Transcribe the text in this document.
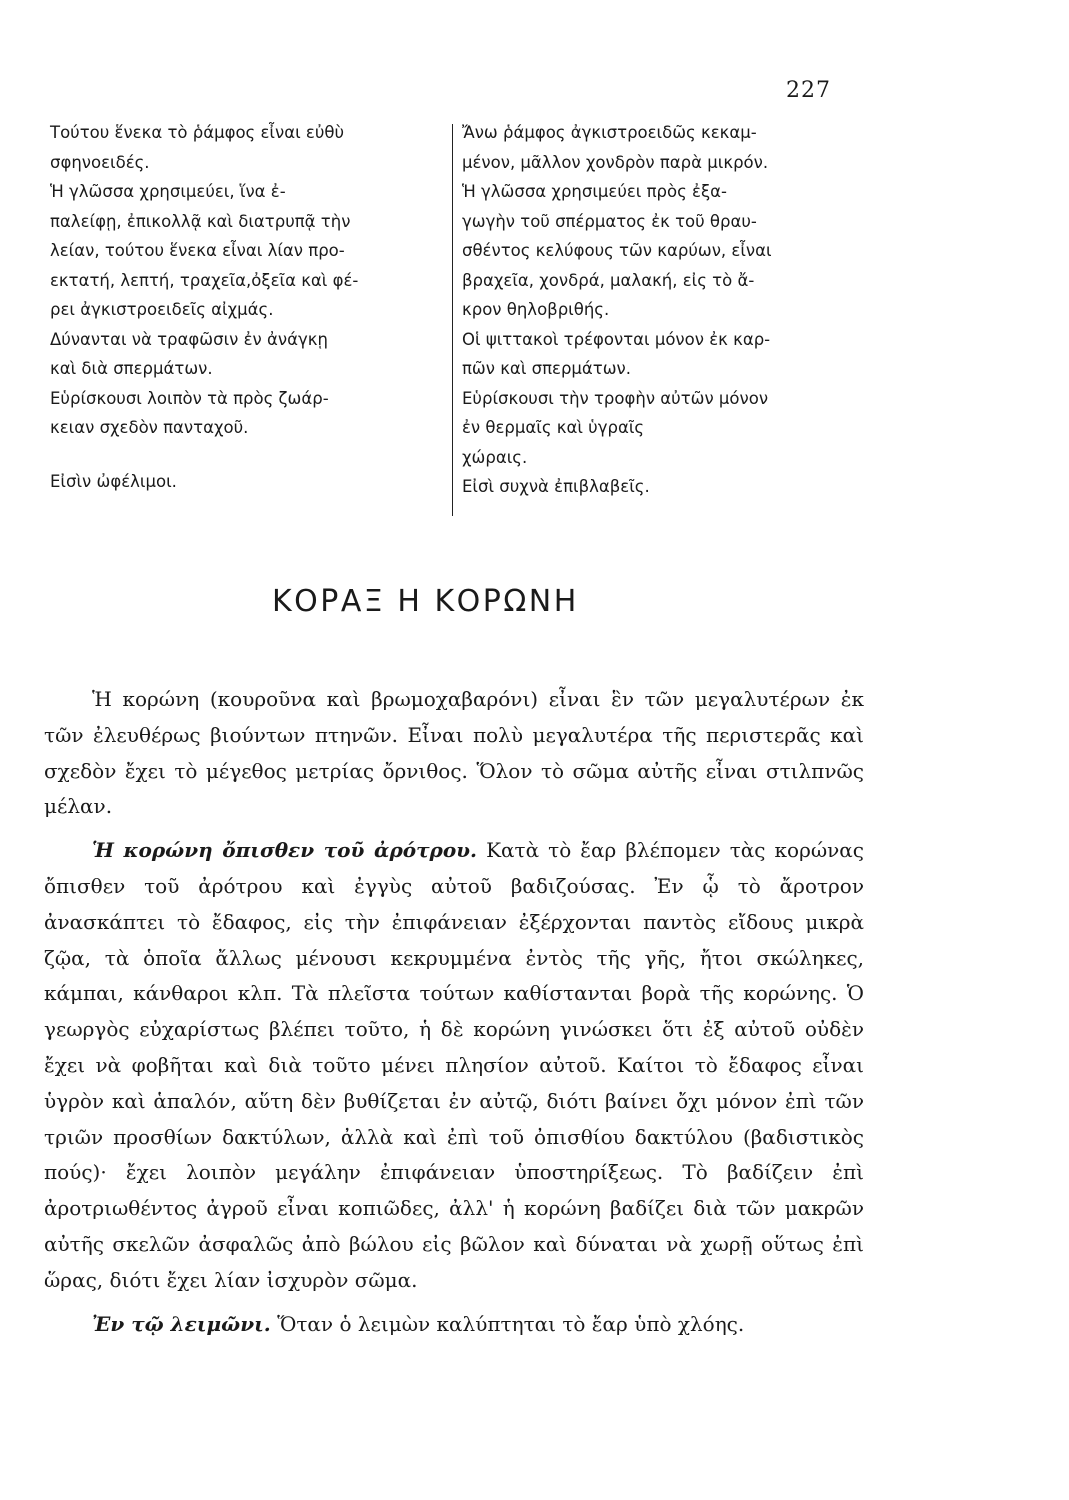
227
Τούτου ἕνεκα τὸ ῥάμφος εἶναι εὐθὺ
σφηνοειδές.
Ἡ γλῶσσα χρησιμεύει, ἵνα ἐ-
παλείφῃ, ἐπικολλᾷ καὶ διατρυπᾷ τὴν
λείαν, τούτου ἕνεκα εἶναι λίαν προ-
εκτατή, λεπτή, τραχεῖα,ὀξεῖα καὶ φέ-
ρει ἀγκιστροειδεῖς αἰχμάς.
Δύνανται νὰ τραφῶσιν ἐν ἀνάγκῃ
καὶ διὰ σπερμάτων.
Εὑρίσκουσι λοιπὸν τὰ πρὸς ζωάρ-
κειαν σχεδὸν πανταχοῦ.
Εἰσὶν ὠφέλιμοι.
Ἄνω ῥάμφος ἀγκιστροειδῶς κεκαμ-
μένον, μᾶλλον χονδρὸν παρὰ μικρόν.
Ἡ γλῶσσα χρησιμεύει πρὸς ἐξα-
γωγὴν τοῦ σπέρματος ἐκ τοῦ θραυ-
σθέντος κελύφους τῶν καρύων, εἶναι
βραχεῖα, χονδρά, μαλακή, εἰς τὸ ἄ-
κρον θηλοβριθής.
Οἱ ψιττακοὶ τρέφονται μόνον ἐκ καρ-
πῶν καὶ σπερμάτων.
Εὑρίσκουσι τὴν τροφὴν αὐτῶν μόνον
ἐν θερμαῖς καὶ ὑγραῖς
χώραις.
Εἰσὶ συχνὰ ἐπιβλαβεῖς.
ΚΟΡΑΞ Η ΚΟΡΩΝΗ

Ἡ κορώνη (κουροῦνα καὶ βρωμοχαβαρόνι) εἶναι ἓν τῶν μεγαλυτέρων ἐκ τῶν ἐλευθέρως βιούντων πτηνῶν. Εἶναι πολὺ μεγαλυτέρα τῆς περιστερᾶς καὶ σχεδὸν ἔχει τὸ μέγεθος μετρίας ὄρνιθος. Ὅλον τὸ σῶμα αὐτῆς εἶναι στιλπνῶς μέλαν.

Ἡ κορώνη ὄπισθεν τοῦ ἀρότρου. Κατὰ τὸ ἔαρ βλέπομεν τὰς κορώνας ὄπισθεν τοῦ ἀρότρου καὶ ἐγγὺς αὐτοῦ βαδιζούσας. Ἐν ᾧ τὸ ἄροτρον ἀνασκάπτει τὸ ἔδαφος, εἰς τὴν ἐπιφάνειαν ἐξέρχονται παντὸς εἴδους μικρὰ ζῷα, τὰ ὁποῖα ἄλλως μένουσι κεκρυμμένα ἐντὸς τῆς γῆς, ἤτοι σκώληκες, κάμπαι, κάνθαροι κλπ. Τὰ πλεῖστα τούτων καθίστανται βορὰ τῆς κορώνης. Ὁ γεωργὸς εὐχαρίστως βλέπει τοῦτο, ἡ δὲ κορώνη γινώσκει ὅτι ἐξ αὐτοῦ οὐδὲν ἔχει νὰ φοβῆται καὶ διὰ τοῦτο μένει πλησίον αὐτοῦ. Καίτοι τὸ ἔδαφος εἶναι ὑγρὸν καὶ ἁπαλόν, αὕτη δὲν βυθίζεται ἐν αὐτῷ, διότι βαίνει ὄχι μόνον ἐπὶ τῶν τριῶν προσθίων δακτύλων, ἀλλὰ καὶ ἐπὶ τοῦ ὀπισθίου δακτύλου (βαδιστικὸς πούς)· ἔχει λοιπὸν μεγάλην ἐπιφάνειαν ὑποστηρίξεως. Τὸ βαδίζειν ἐπὶ ἀροτριωθέντος ἀγροῦ εἶναι κοπιῶδες, ἀλλ' ἡ κορώνη βαδίζει διὰ τῶν μακρῶν αὐτῆς σκελῶν ἀσφαλῶς ἀπὸ βώλου εἰς βῶλον καὶ δύναται νὰ χωρῇ οὕτως ἐπὶ ὥρας, διότι ἔχει λίαν ἰσχυρὸν σῶμα.

Ἐν τῷ λειμῶνι. Ὅταν ὁ λειμὼν καλύπτηται τὸ ἔαρ ὑπὸ χλόης.
